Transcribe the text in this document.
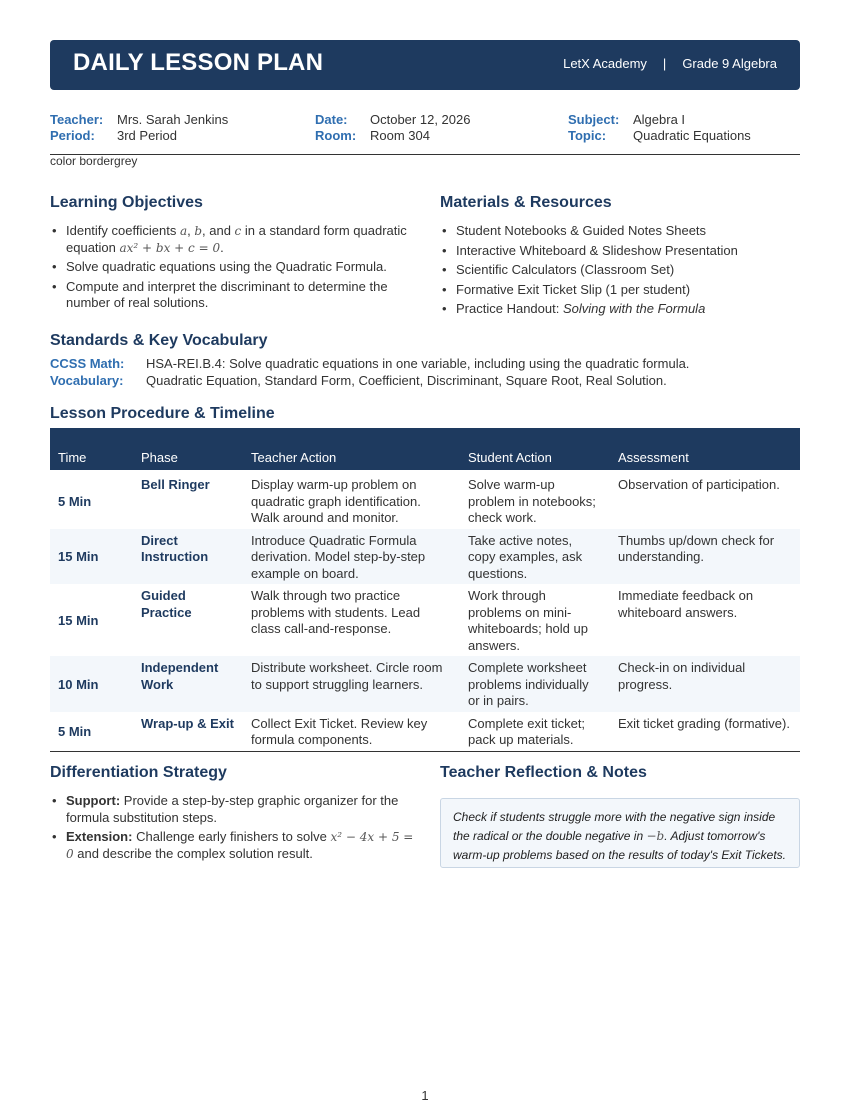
DAILY LESSON PLAN	LetX Academy | Grade 9 Algebra
Teacher: Mrs. Sarah Jenkins
Period: 3rd Period
Date: October 12, 2026
Room: Room 304
Subject: Algebra I
Topic: Quadratic Equations
color bordergrey
Learning Objectives
• Identify coefficients a, b, and c in a standard form quadratic equation ax² + bx + c = 0.
• Solve quadratic equations using the Quadratic Formula.
• Compute and interpret the discriminant to determine the number of real solutions.
Materials & Resources
• Student Notebooks & Guided Notes Sheets
• Interactive Whiteboard & Slideshow Presentation
• Scientific Calculators (Classroom Set)
• Formative Exit Ticket Slip (1 per student)
• Practice Handout: Solving with the Formula
Standards & Key Vocabulary
CCSS Math: HSA-REI.B.4: Solve quadratic equations in one variable, including using the quadratic formula.
Vocabulary: Quadratic Equation, Standard Form, Coefficient, Discriminant, Square Root, Real Solution.
Lesson Procedure & Timeline
Time	Phase	Teacher Action	Student Action	Assessment
5 Min	Bell Ringer	Display warm-up problem on quadratic graph identification. Walk around and monitor.	Solve warm-up problem in notebooks; check work.	Observation of participation.
15 Min	Direct Instruction	Introduce Quadratic Formula derivation. Model step-by-step example on board.	Take active notes, copy examples, ask questions.	Thumbs up/down check for understanding.
15 Min	Guided Practice	Walk through two practice problems with students. Lead class call-and-response.	Work through problems on mini-whiteboards; hold up answers.	Immediate feedback on whiteboard answers.
10 Min	Independent Work	Distribute worksheet. Circle room to support struggling learners.	Complete worksheet problems individually or in pairs.	Check-in on individual progress.
5 Min	Wrap-up & Exit	Collect Exit Ticket. Review key formula components.	Complete exit ticket; pack up materials.	Exit ticket grading (formative).
Differentiation Strategy
• Support: Provide a step-by-step graphic organizer for the formula substitution steps.
• Extension: Challenge early finishers to solve x² − 4x + 5 = 0 and describe the complex solution result.
Teacher Reflection & Notes
Check if students struggle more with the negative sign inside the radical or the double negative in −b. Adjust tomorrow's warm-up problems based on the results of today's Exit Tickets.
1
